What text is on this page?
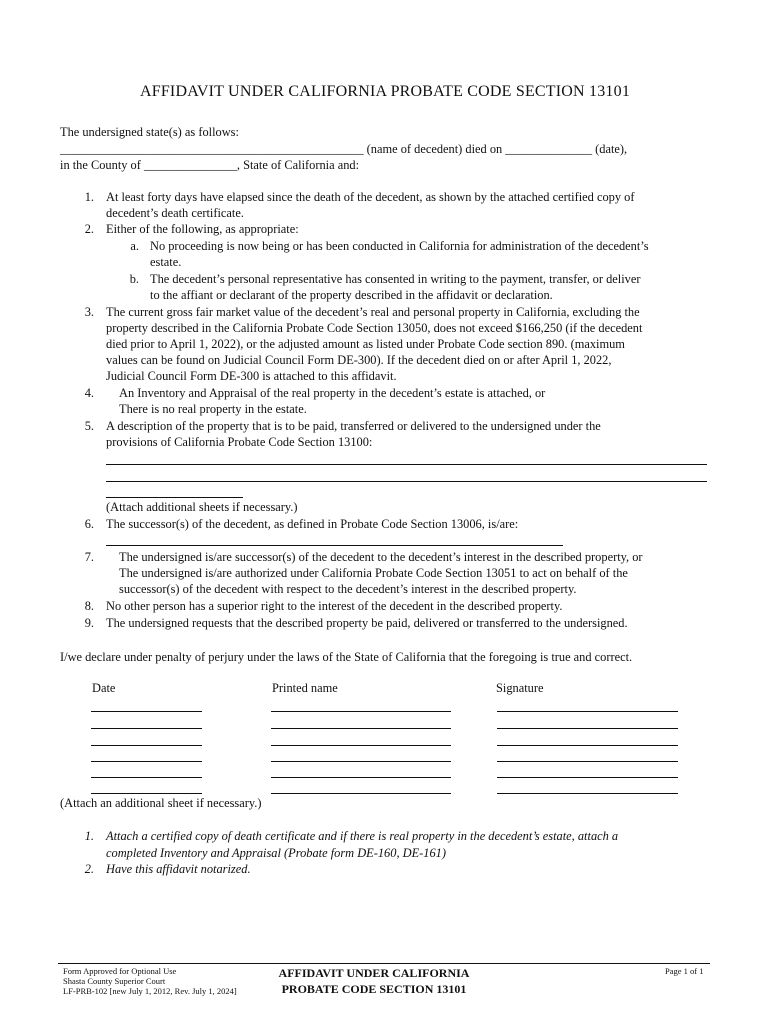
AFFIDAVIT UNDER CALIFORNIA PROBATE CODE SECTION 13101
The undersigned state(s) as follows:
_________________________________________________ (name of decedent) died on ______________ (date),
in the County of _______________, State of California and:
1. At least forty days have elapsed since the death of the decedent, as shown by the attached certified copy of
decedent’s death certificate.
2. Either of the following, as appropriate:
a. No proceeding is now being or has been conducted in California for administration of the decedent’s
estate.
b. The decedent’s personal representative has consented in writing to the payment, transfer, or deliver
to the affiant or declarant of the property described in the affidavit or declaration.
3. The current gross fair market value of the decedent’s real and personal property in California, excluding the
property described in the California Probate Code Section 13050, does not exceed $166,250 (if the decedent
died prior to April 1, 2022), or the adjusted amount as listed under Probate Code section 890. (maximum
values can be found on Judicial Council Form DE-300). If the decedent died on or after April 1, 2022,
Judicial Council Form DE-300 is attached to this affidavit.
4. An Inventory and Appraisal of the real property in the decedent’s estate is attached, or
There is no real property in the estate.
5. A description of the property that is to be paid, transferred or delivered to the undersigned under the
provisions of California Probate Code Section 13100:
(Attach additional sheets if necessary.)
6. The successor(s) of the decedent, as defined in Probate Code Section 13006, is/are:
7. The undersigned is/are successor(s) of the decedent to the decedent’s interest in the described property, or
The undersigned is/are authorized under California Probate Code Section 13051 to act on behalf of the
successor(s) of the decedent with respect to the decedent’s interest in the described property.
8. No other person has a superior right to the interest of the decedent in the described property.
9. The undersigned requests that the described property be paid, delivered or transferred to the undersigned.
I/we declare under penalty of perjury under the laws of the State of California that the foregoing is true and correct.
Date	Printed name	Signature
(Attach an additional sheet if necessary.)
1. Attach a certified copy of death certificate and if there is real property in the decedent’s estate, attach a
completed Inventory and Appraisal (Probate form DE-160, DE-161)
2. Have this affidavit notarized.
Form Approved for Optional Use
Shasta County Superior Court
LF-PRB-102 [new July 1, 2012, Rev. July 1, 2024]
AFFIDAVIT UNDER CALIFORNIA
PROBATE CODE SECTION 13101
Page 1 of 1
